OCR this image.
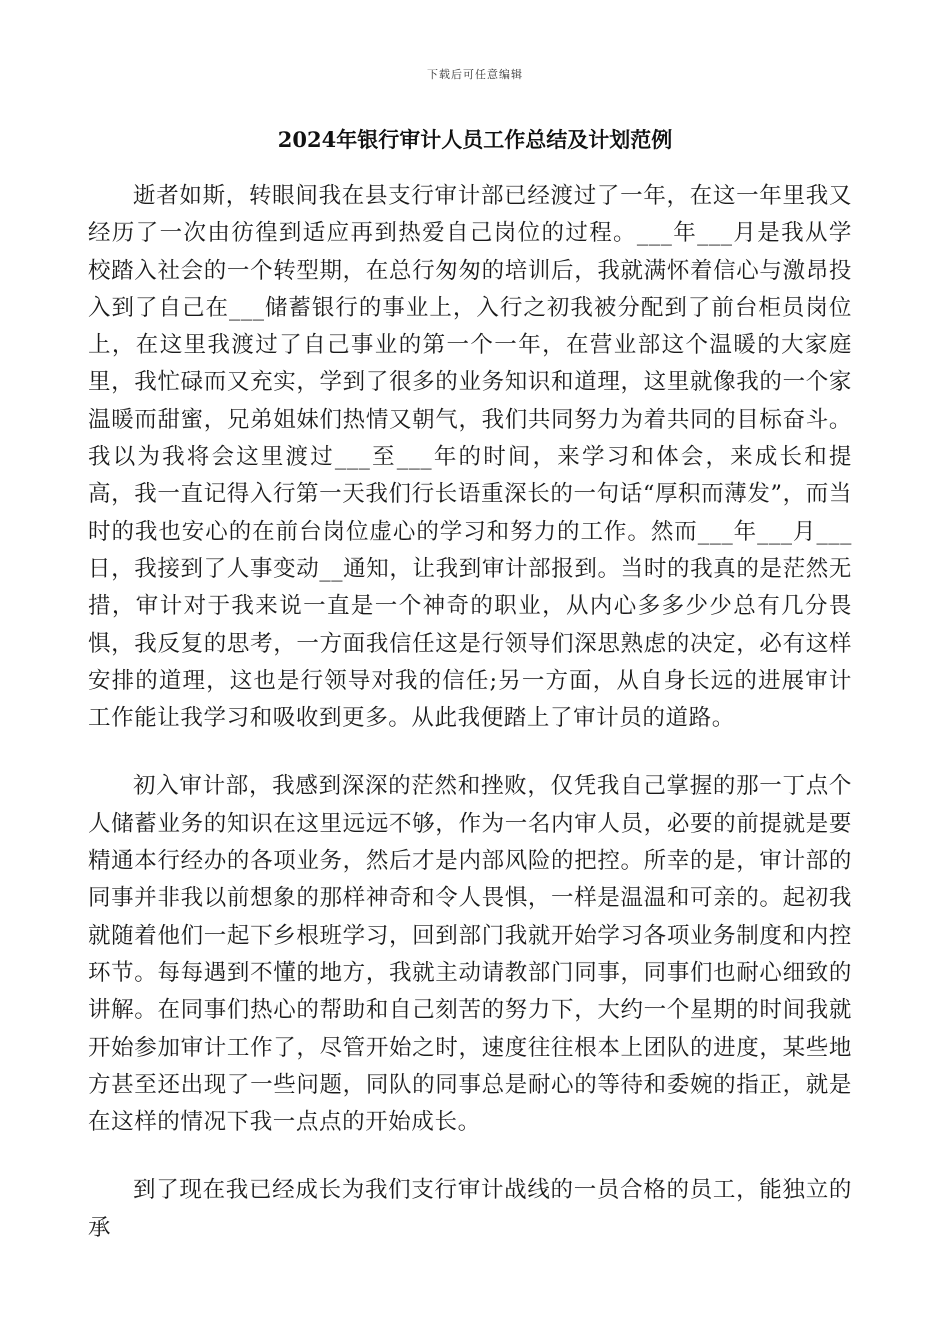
下载后可任意编辑
2024年银行审计人员工作总结及计划范例

逝者如斯，转眼间我在县支行审计部已经渡过了一年，在这一年里我又经历了一次由彷徨到适应再到热爱自己岗位的过程。___年___月是我从学校踏入社会的一个转型期，在总行匆匆的培训后，我就满怀着信心与激昂投入到了自己在___储蓄银行的事业上，入行之初我被分配到了前台柜员岗位上，在这里我渡过了自己事业的第一个一年，在营业部这个温暖的大家庭里，我忙碌而又充实，学到了很多的业务知识和道理，这里就像我的一个家温暖而甜蜜，兄弟姐妹们热情又朝气，我们共同努力为着共同的目标奋斗。我以为我将会这里渡过___至___年的时间，来学习和体会，来成长和提高，我一直记得入行第一天我们行长语重深长的一句话“厚积而薄发”，而当时的我也安心的在前台岗位虚心的学习和努力的工作。然而___年___月___日，我接到了人事变动__通知，让我到审计部报到。当时的我真的是茫然无措，审计对于我来说一直是一个神奇的职业，从内心多多少少总有几分畏惧，我反复的思考，一方面我信任这是行领导们深思熟虑的决定，必有这样安排的道理，这也是行领导对我的信任;另一方面，从自身长远的进展审计工作能让我学习和吸收到更多。从此我便踏上了审计员的道路。

初入审计部，我感到深深的茫然和挫败，仅凭我自己掌握的那一丁点个人储蓄业务的知识在这里远远不够，作为一名内审人员，必要的前提就是要精通本行经办的各项业务，然后才是内部风险的把控。所幸的是，审计部的同事并非我以前想象的那样神奇和令人畏惧，一样是温温和可亲的。起初我就随着他们一起下乡根班学习，回到部门我就开始学习各项业务制度和内控环节。每每遇到不懂的地方，我就主动请教部门同事，同事们也耐心细致的讲解。在同事们热心的帮助和自己刻苦的努力下，大约一个星期的时间我就开始参加审计工作了，尽管开始之时，速度往往根本上团队的进度，某些地方甚至还出现了一些问题，同队的同事总是耐心的等待和委婉的指正，就是在这样的情况下我一点点的开始成长。

到了现在我已经成长为我们支行审计战线的一员合格的员工，能独立的承
